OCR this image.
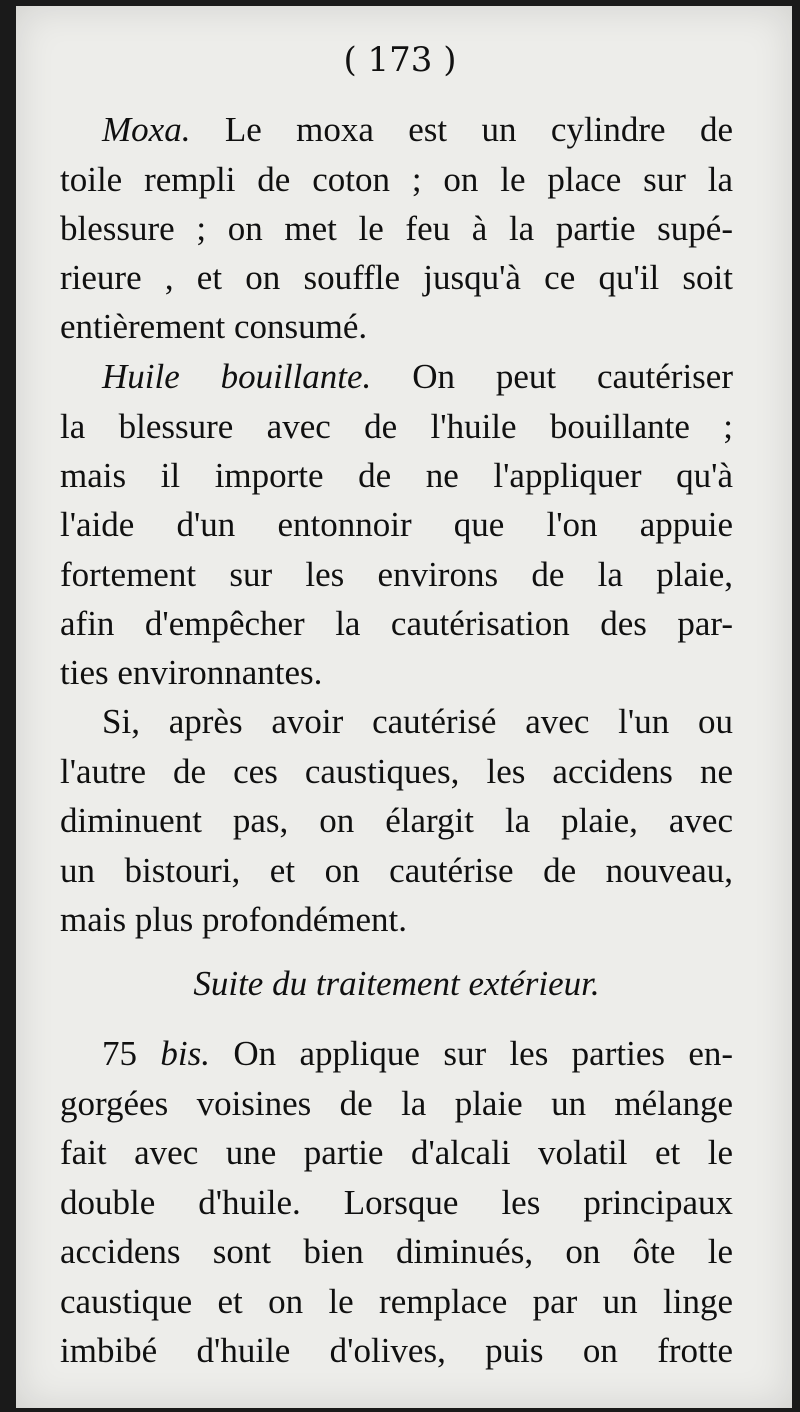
( 173 )
Moxa. Le moxa est un cylindre de
toile rempli de coton ; on le place sur la
blessure ; on met le feu à la partie supé-
rieure , et on souffle jusqu'à ce qu'il soit
entièrement consumé.
Huile bouillante. On peut cautériser
la blessure avec de l'huile bouillante ;
mais il importe de ne l'appliquer qu'à
l'aide d'un entonnoir que l'on appuie
fortement sur les environs de la plaie,
afin d'empêcher la cautérisation des par-
ties environnantes.
Si, après avoir cautérisé avec l'un ou
l'autre de ces caustiques, les accidens ne
diminuent pas, on élargit la plaie, avec
un bistouri, et on cautérise de nouveau,
mais plus profondément.
Suite du traitement extérieur.
75 bis. On applique sur les parties en-
gorgées voisines de la plaie un mélange
fait avec une partie d'alcali volatil et le
double d'huile. Lorsque les principaux
accidens sont bien diminués, on ôte le
caustique et on le remplace par un linge
imbibé d'huile d'olives, puis on frotte
